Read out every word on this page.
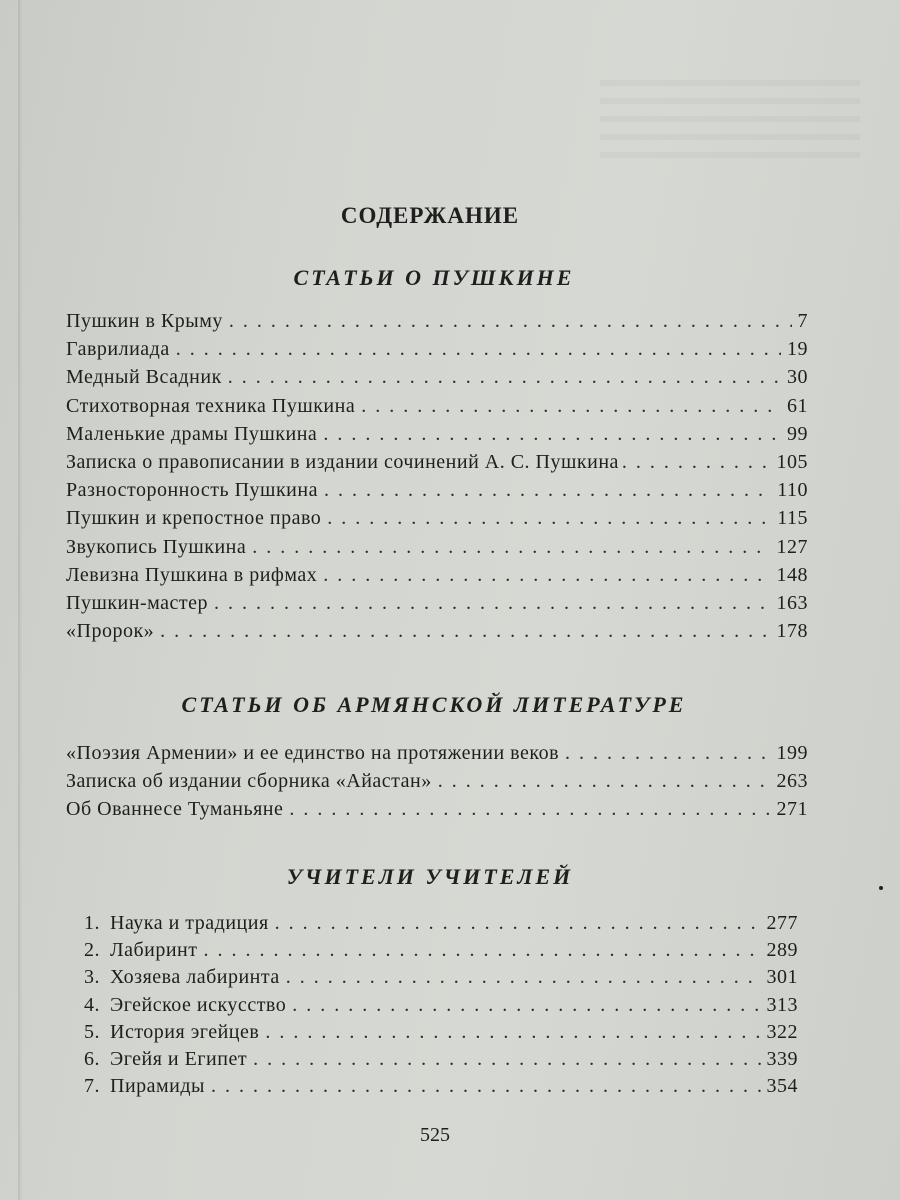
СОДЕРЖАНИЕ
СТАТЬИ О ПУШКИНЕ
Пушкин в Крыму . . .	7
Гаврилиада . . .	19
Медный Всадник . . .	30
Стихотворная техника Пушкина . . .	61
Маленькие драмы Пушкина . . .	99
Записка о правописании в издании сочинений А. С. Пушкина . . .	105
Разносторонность Пушкина . . .	110
Пушкин и крепостное право . . .	115
Звукопись Пушкина . . .	127
Левизна Пушкина в рифмах . . .	148
Пушкин-мастер . . .	163
«Пророк» . . .	178
СТАТЬИ ОБ АРМЯНСКОЙ ЛИТЕРАТУРЕ
«Поэзия Армении» и ее единство на протяжении веков . . .	199
Записка об издании сборника «Айастан» . . .	263
Об Ованнесе Туманьяне . . .	271
УЧИТЕЛИ УЧИТЕЛЕЙ
1. Наука и традиция . . .	277
2. Лабиринт . . .	289
3. Хозяева лабиринта . . .	301
4. Эгейское искусство . . .	313
5. История эгейцев . . .	322
6. Эгейя и Египет . . .	339
7. Пирамиды . . .	354

525
